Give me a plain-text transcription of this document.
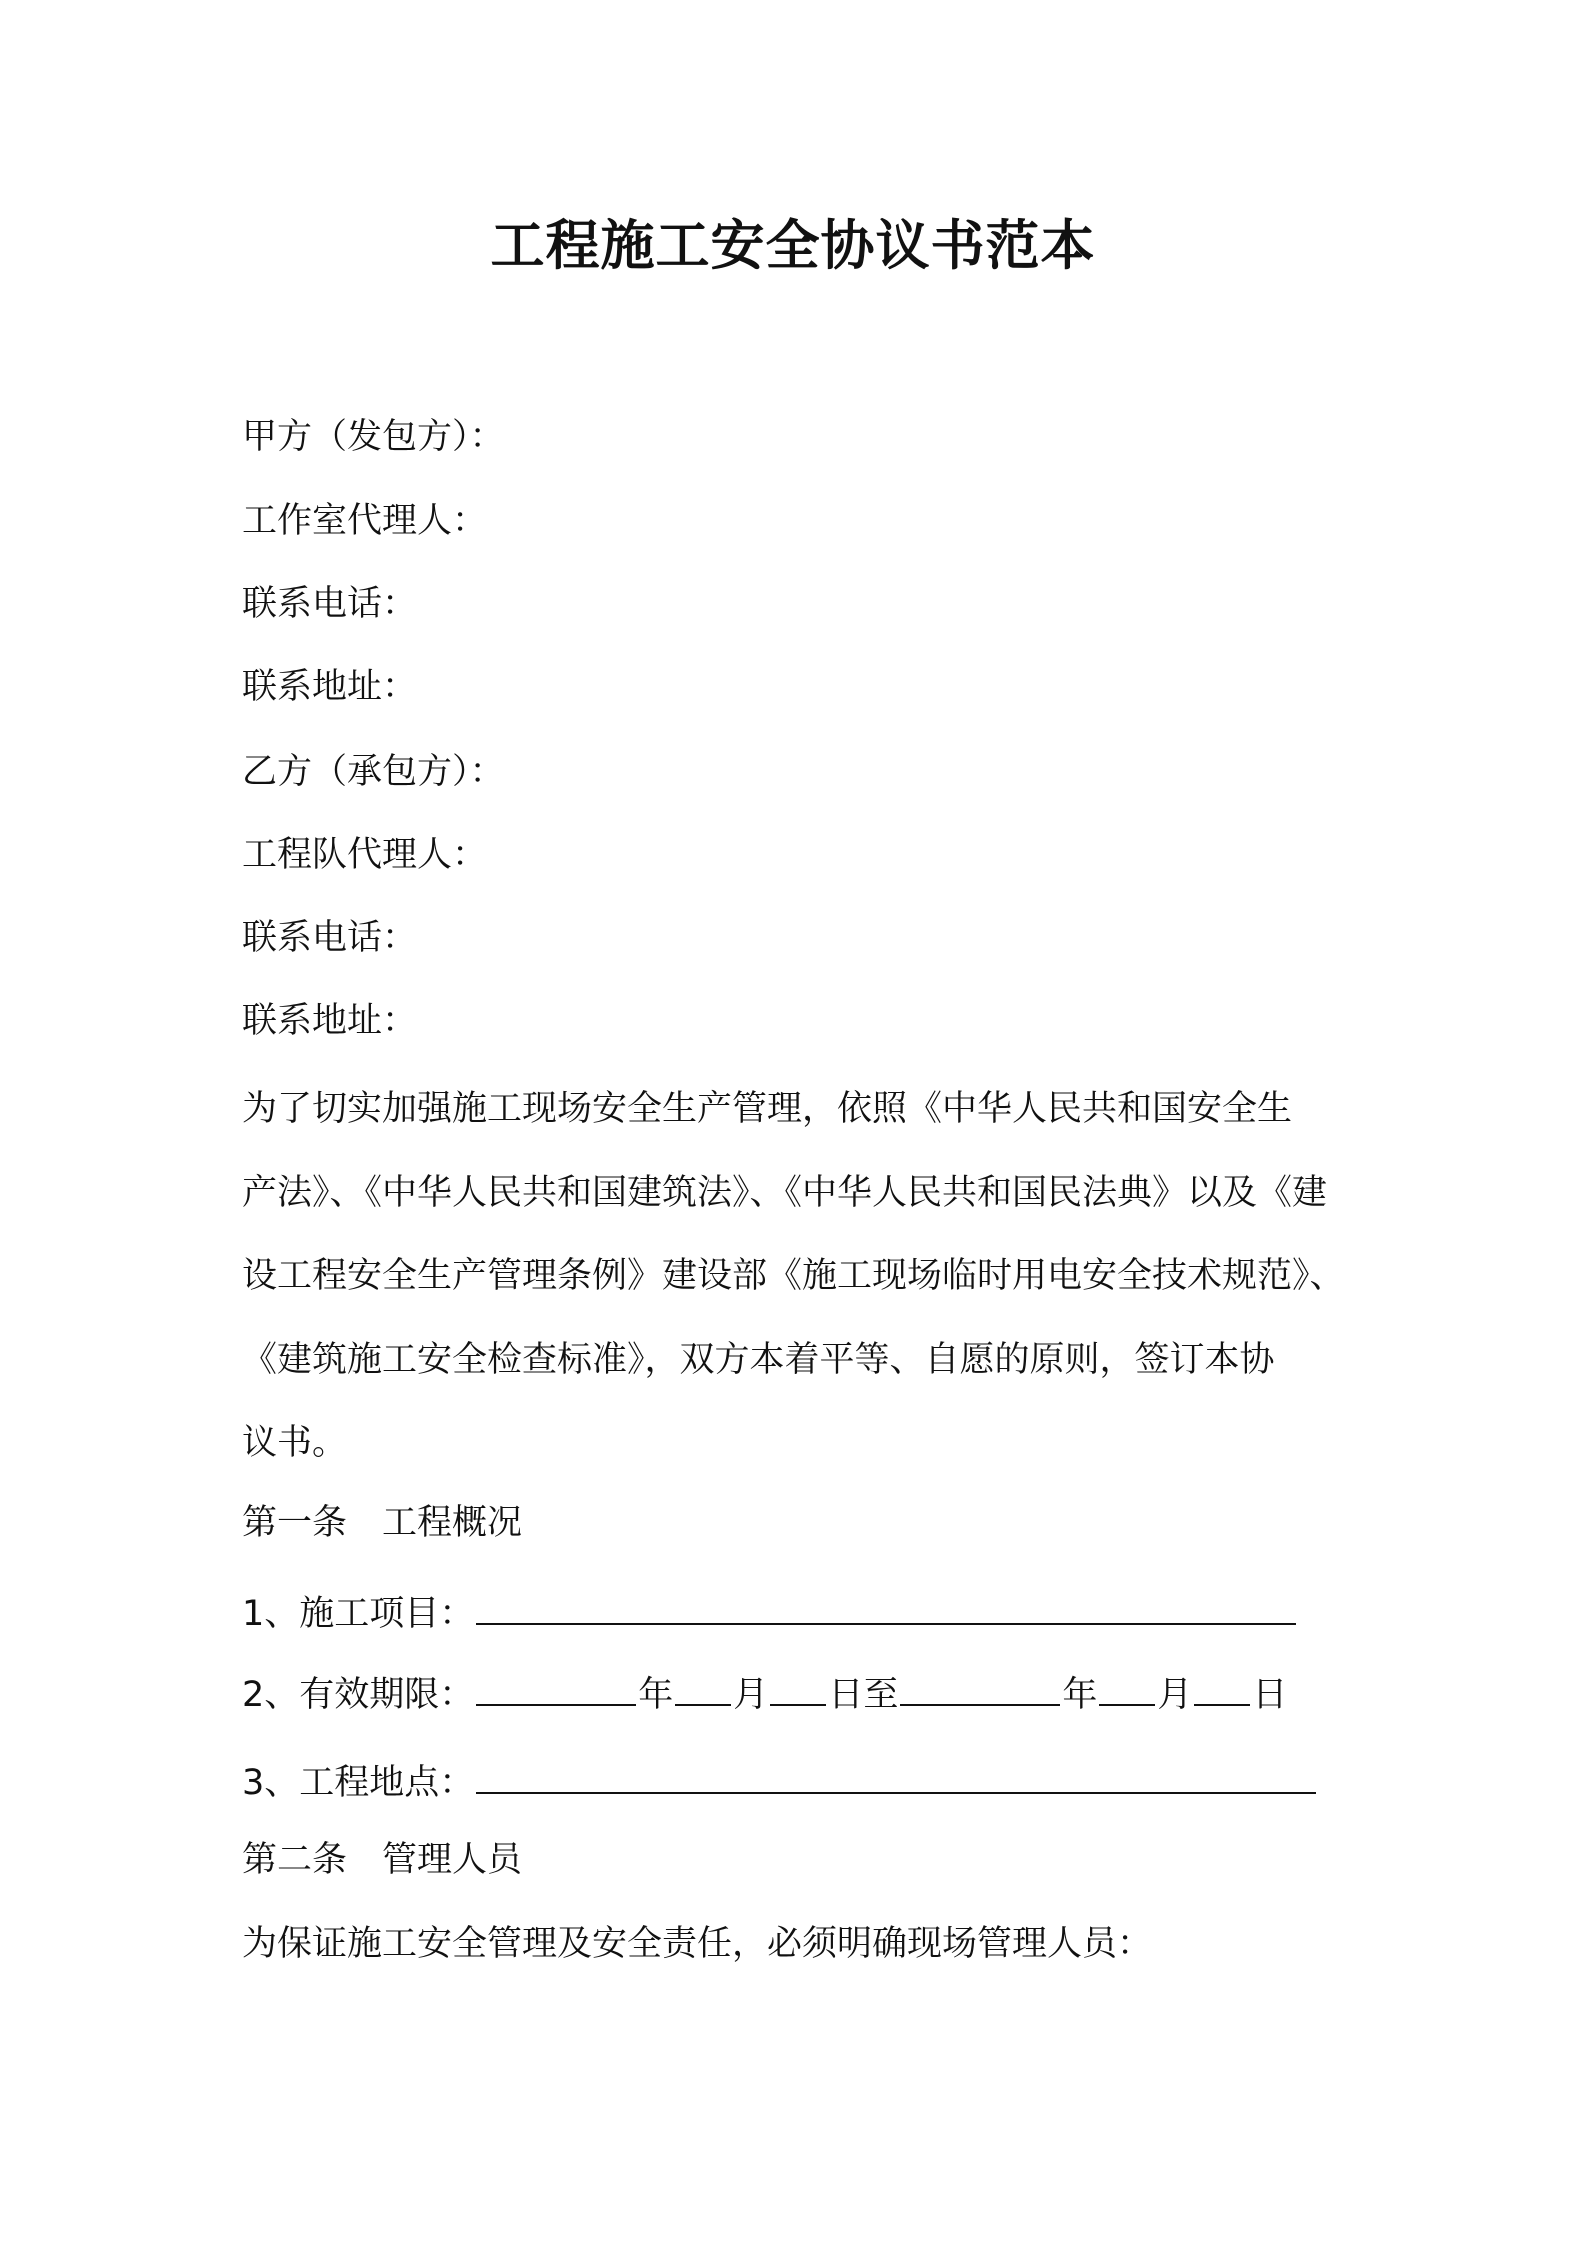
工程施工安全协议书范本

甲方（发包方）：

工作室代理人：

联系电话：

联系地址：

乙方（承包方）：

工程队代理人：

联系电话：

联系地址：

为了切实加强施工现场安全生产管理，依照《中华人民共和国安全生
产法》、《中华人民共和国建筑法》、《中华人民共和国民法典》以及《建
设工程安全生产管理条例》建设部《施工现场临时用电安全技术规范》、
《建筑施工安全检查标准》，双方本着平等、自愿的原则，签订本协
议书。

第一条　工程概况

1、施工项目：

2、有效期限：	年 月 日至	年 月 日

3、工程地点：

第二条　管理人员

为保证施工安全管理及安全责任，必须明确现场管理人员：
